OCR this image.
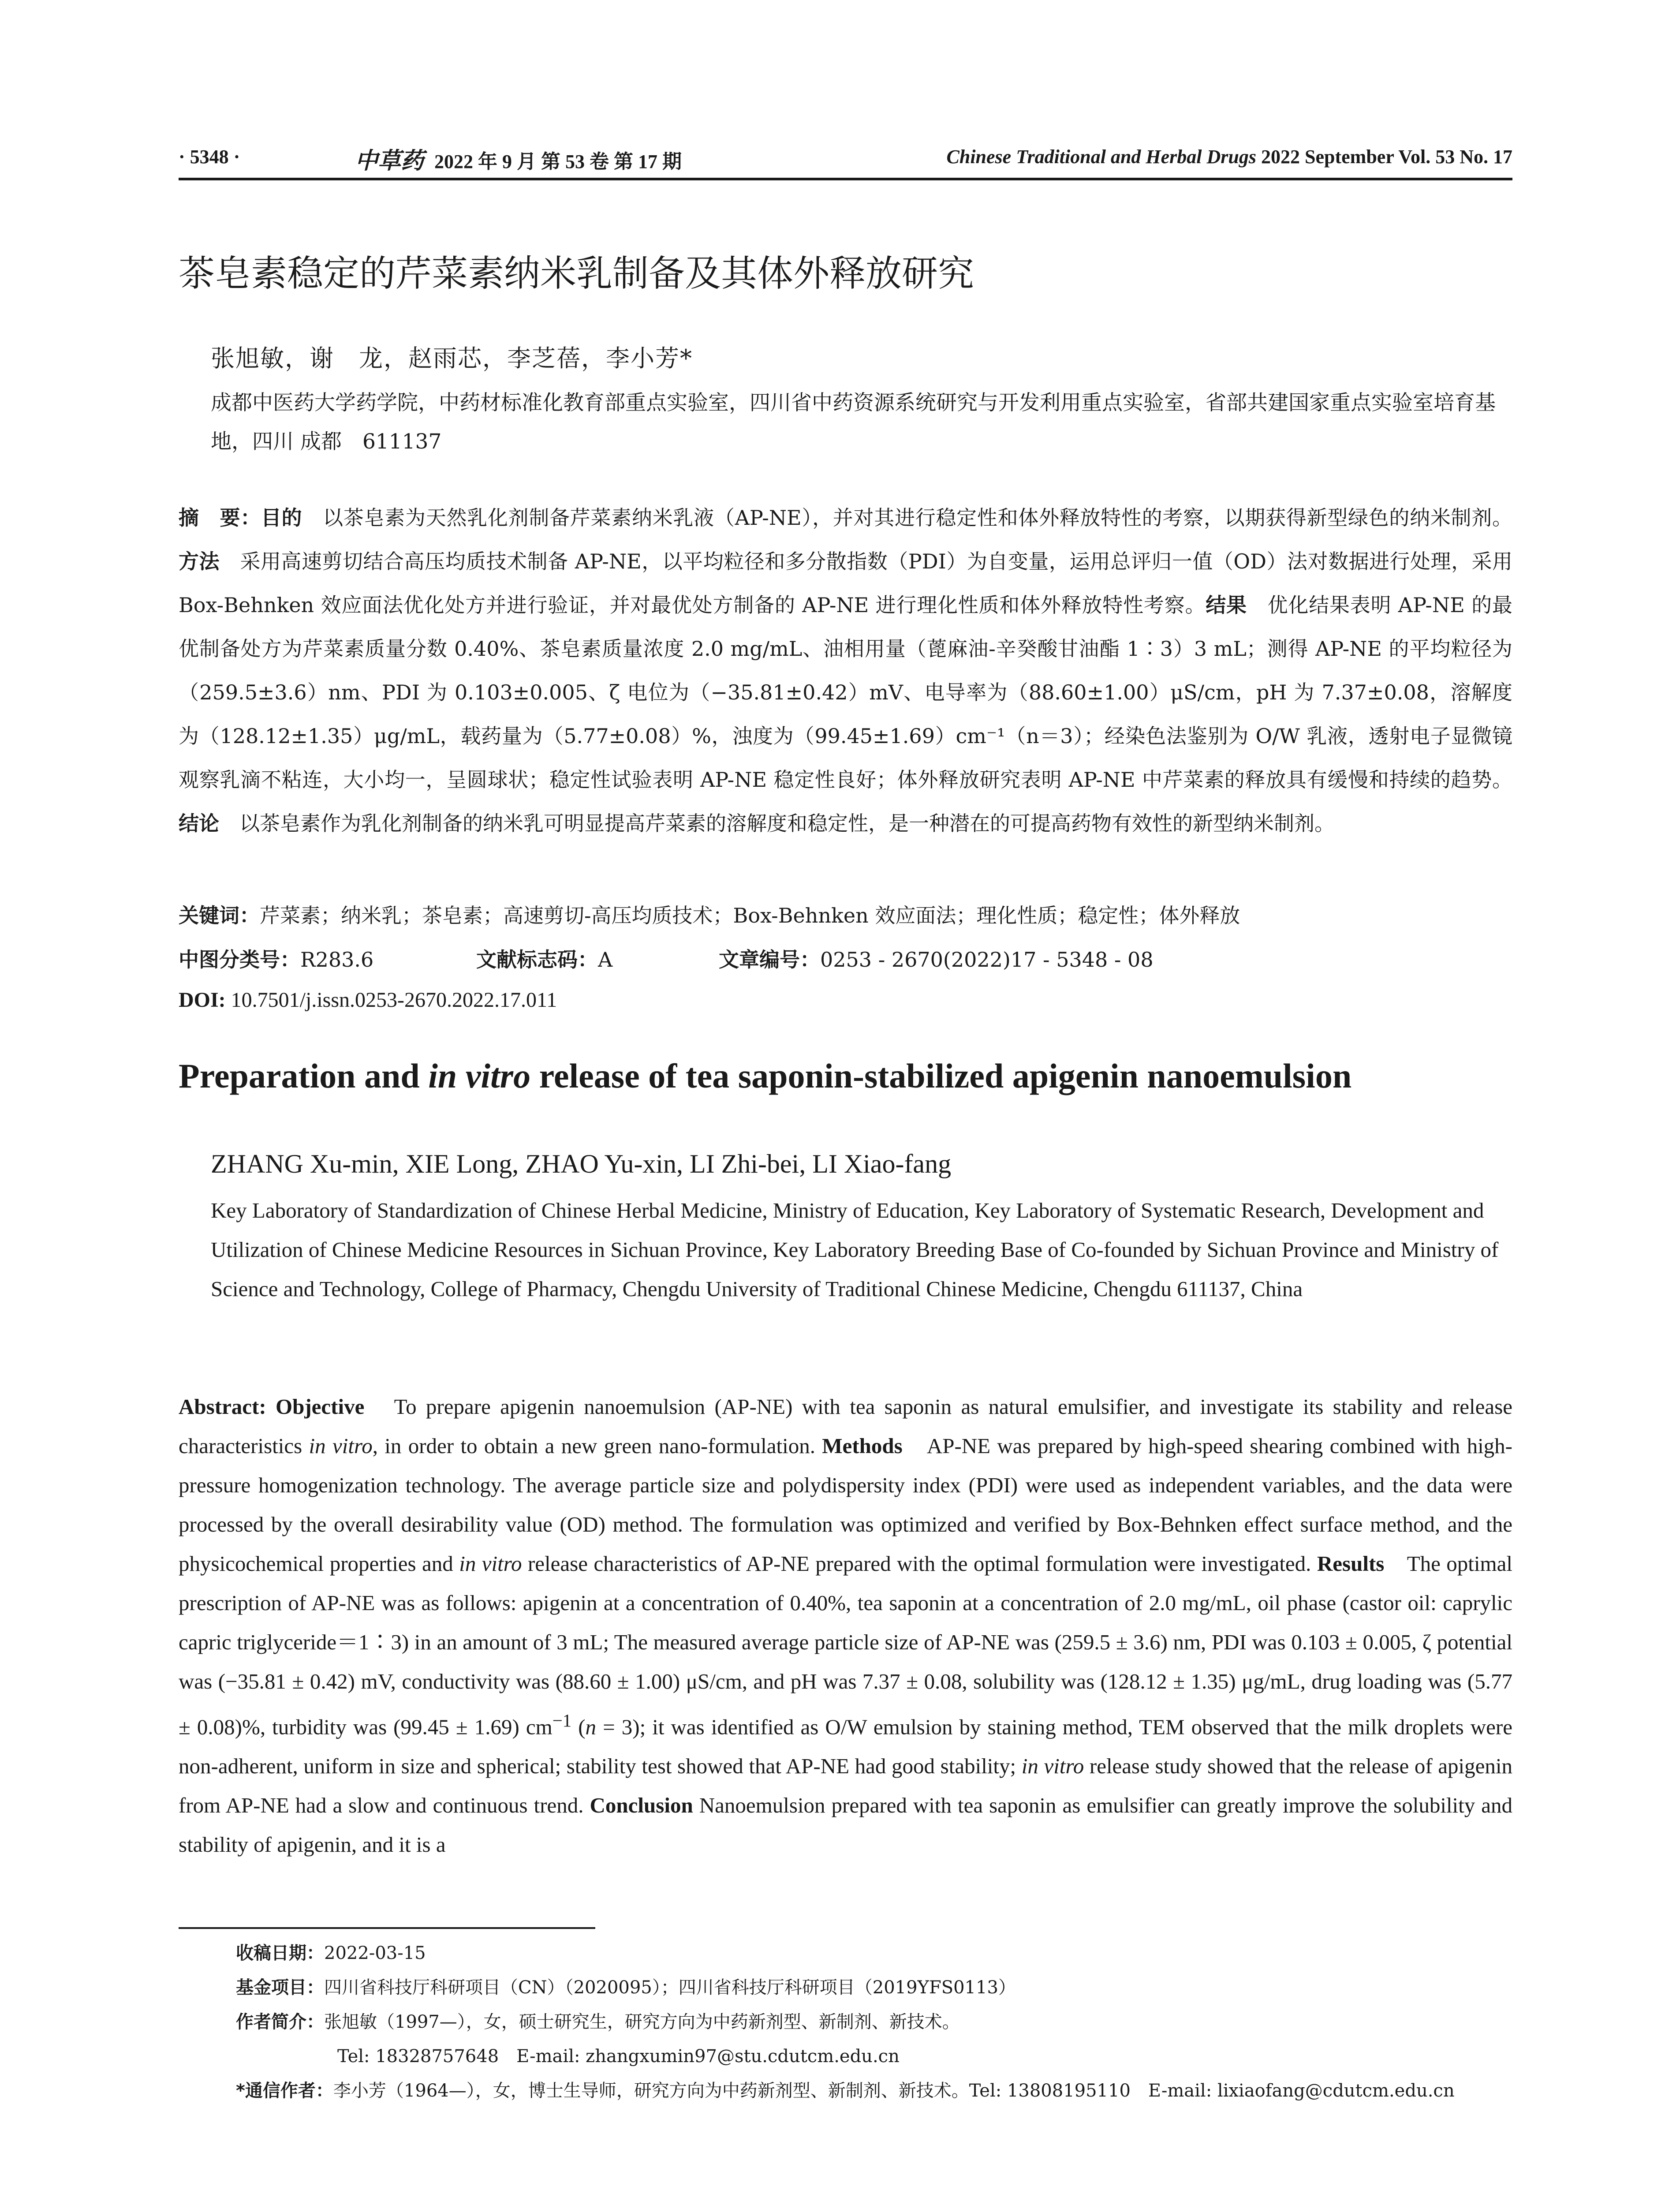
· 5348 ·	中草药 2022 年 9 月 第 53 卷 第 17 期	Chinese Traditional and Herbal Drugs 2022 September Vol. 53 No. 17
茶皂素稳定的芹菜素纳米乳制备及其体外释放研究
张旭敏，谢　龙，赵雨芯，李芝蓓，李小芳*
成都中医药大学药学院，中药材标准化教育部重点实验室，四川省中药资源系统研究与开发利用重点实验室，省部共建国家重点实验室培育基地，四川 成都　611137
摘　要：目的　 以茶皂素为天然乳化剂制备芹菜素纳米乳液（AP-NE），并对其进行稳定性和体外释放特性的考察，以期获得新型绿色的纳米制剂。方法　 采用高速剪切结合高压均质技术制备 AP-NE，以平均粒径和多分散指数（PDI）为自变量，运用总评归一值（OD）法对数据进行处理，采用 Box-Behnken 效应面法优化处方并进行验证，并对最优处方制备的 AP-NE 进行理化性质和体外释放特性考察。结果　 优化结果表明 AP-NE 的最优制备处方为芹菜素质量分数 0.40%、茶皂素质量浓度 2.0 mg/mL、油相用量（蓖麻油-辛癸酸甘油酯 1∶3）3 mL；测得 AP-NE 的平均粒径为（259.5±3.6）nm、PDI 为 0.103±0.005、ζ 电位为（−35.81±0.42）mV、电导率为（88.60±1.00）μS/cm，pH 为 7.37±0.08，溶解度为（128.12±1.35）μg/mL，载药量为（5.77±0.08）%，浊度为（99.45±1.69）cm⁻¹（n＝3）；经染色法鉴别为 O/W 乳液，透射电子显微镜观察乳滴不粘连，大小均一，呈圆球状；稳定性试验表明 AP-NE 稳定性良好；体外释放研究表明 AP-NE 中芹菜素的释放具有缓慢和持续的趋势。结论　 以茶皂素作为乳化剂制备的纳米乳可明显提高芹菜素的溶解度和稳定性，是一种潜在的可提高药物有效性的新型纳米制剂。
关键词：芹菜素；纳米乳；茶皂素；高速剪切-高压均质技术；Box-Behnken 效应面法；理化性质；稳定性；体外释放
中图分类号：R283.6	文献标志码：A	文章编号：0253 - 2670(2022)17 - 5348 - 08
DOI: 10.7501/j.issn.0253-2670.2022.17.011
Preparation and in vitro release of tea saponin-stabilized apigenin nanoemulsion
ZHANG Xu-min, XIE Long, ZHAO Yu-xin, LI Zhi-bei, LI Xiao-fang
Key Laboratory of Standardization of Chinese Herbal Medicine, Ministry of Education, Key Laboratory of Systematic Research, Development and Utilization of Chinese Medicine Resources in Sichuan Province, Key Laboratory Breeding Base of Co-founded by Sichuan Province and Ministry of Science and Technology, College of Pharmacy, Chengdu University of Traditional Chinese Medicine, Chengdu 611137, China
Abstract: Objective　 To prepare apigenin nanoemulsion (AP-NE) with tea saponin as natural emulsifier, and investigate its stability and release characteristics in vitro, in order to obtain a new green nano-formulation. Methods　 AP-NE was prepared by high-speed shearing combined with high-pressure homogenization technology. The average particle size and polydispersity index (PDI) were used as independent variables, and the data were processed by the overall desirability value (OD) method. The formulation was optimized and verified by Box-Behnken effect surface method, and the physicochemical properties and in vitro release characteristics of AP-NE prepared with the optimal formulation were investigated. Results　 The optimal prescription of AP-NE was as follows: apigenin at a concentration of 0.40%, tea saponin at a concentration of 2.0 mg/mL, oil phase (castor oil: caprylic capric triglyceride＝1∶3) in an amount of 3 mL; The measured average particle size of AP-NE was (259.5 ± 3.6) nm, PDI was 0.103 ± 0.005, ζ potential was (−35.81 ± 0.42) mV, conductivity was (88.60 ± 1.00) μS/cm, and pH was 7.37 ± 0.08, solubility was (128.12 ± 1.35) μg/mL, drug loading was (5.77 ± 0.08)%, turbidity was (99.45 ± 1.69) $cm^{-1}$ (n = 3); it was identified as O/W emulsion by staining method, TEM observed that the milk droplets were non-adherent, uniform in size and spherical; stability test showed that AP-NE had good stability; in vitro release study showed that the release of apigenin from AP-NE had a slow and continuous trend. Conclusion Nanoemulsion prepared with tea saponin as emulsifier can greatly improve the solubility and stability of apigenin, and it is a
收稿日期：2022-03-15
基金项目：四川省科技厅科研项目（CN）（2020095）；四川省科技厅科研项目（2019YFS0113）
作者简介：张旭敏（1997—），女，硕士研究生，研究方向为中药新剂型、新制剂、新技术。
Tel: 18328757648　E-mail: zhangxumin97@stu.cdutcm.edu.cn
*通信作者：李小芳（1964—），女，博士生导师，研究方向为中药新剂型、新制剂、新技术。Tel: 13808195110　E-mail: lixiaofang@cdutcm.edu.cn
